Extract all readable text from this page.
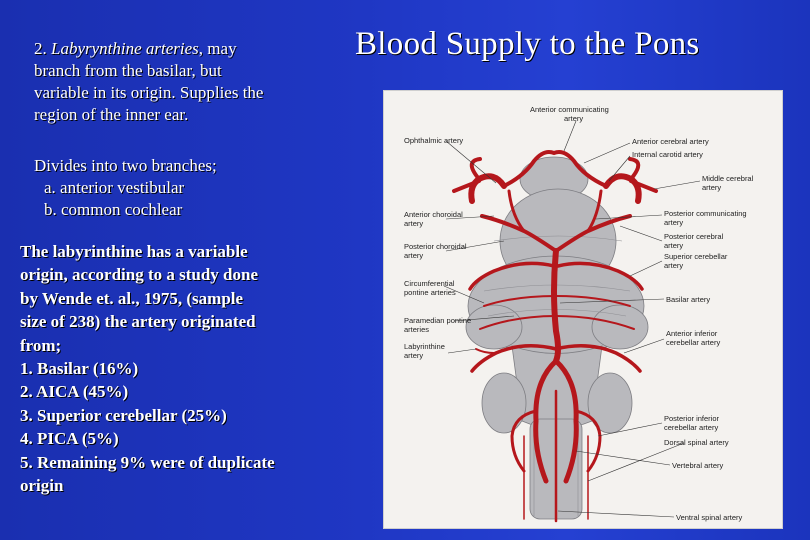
2. Labyrynthine arteries, may
branch from the basilar, but
variable in its origin. Supplies the
region of the inner ear.
Divides into two branches;
a. anterior vestibular
b. common cochlear
The labyrinthine has a variable
origin, according to a study done
by Wende et. al., 1975, (sample
size of 238) the artery originated
from;
1. Basilar (16%)
2. AICA (45%)
3. Superior cerebellar (25%)
4. PICA (5%)
5. Remaining 9% were of duplicate
origin
Blood Supply to the Pons
Anterior communicating
artery
Ophthalmic artery	Anterior cerebral artery
Internal carotid artery
Middle cerebral
artery
Anterior choroidal
artery
Posterior communicating
artery
Posterior cerebral
artery
Posterior choroidal
artery	Superior cerebellar
artery
Circumferential
pontine arteries
Basilar artery
Paramedian pontine
arteries	Anterior inferior
cerebellar artery
Labyrinthine
artery
Posterior inferior
cerebellar artery
Dorsal spinal artery
Vertebral artery
Ventral spinal artery
